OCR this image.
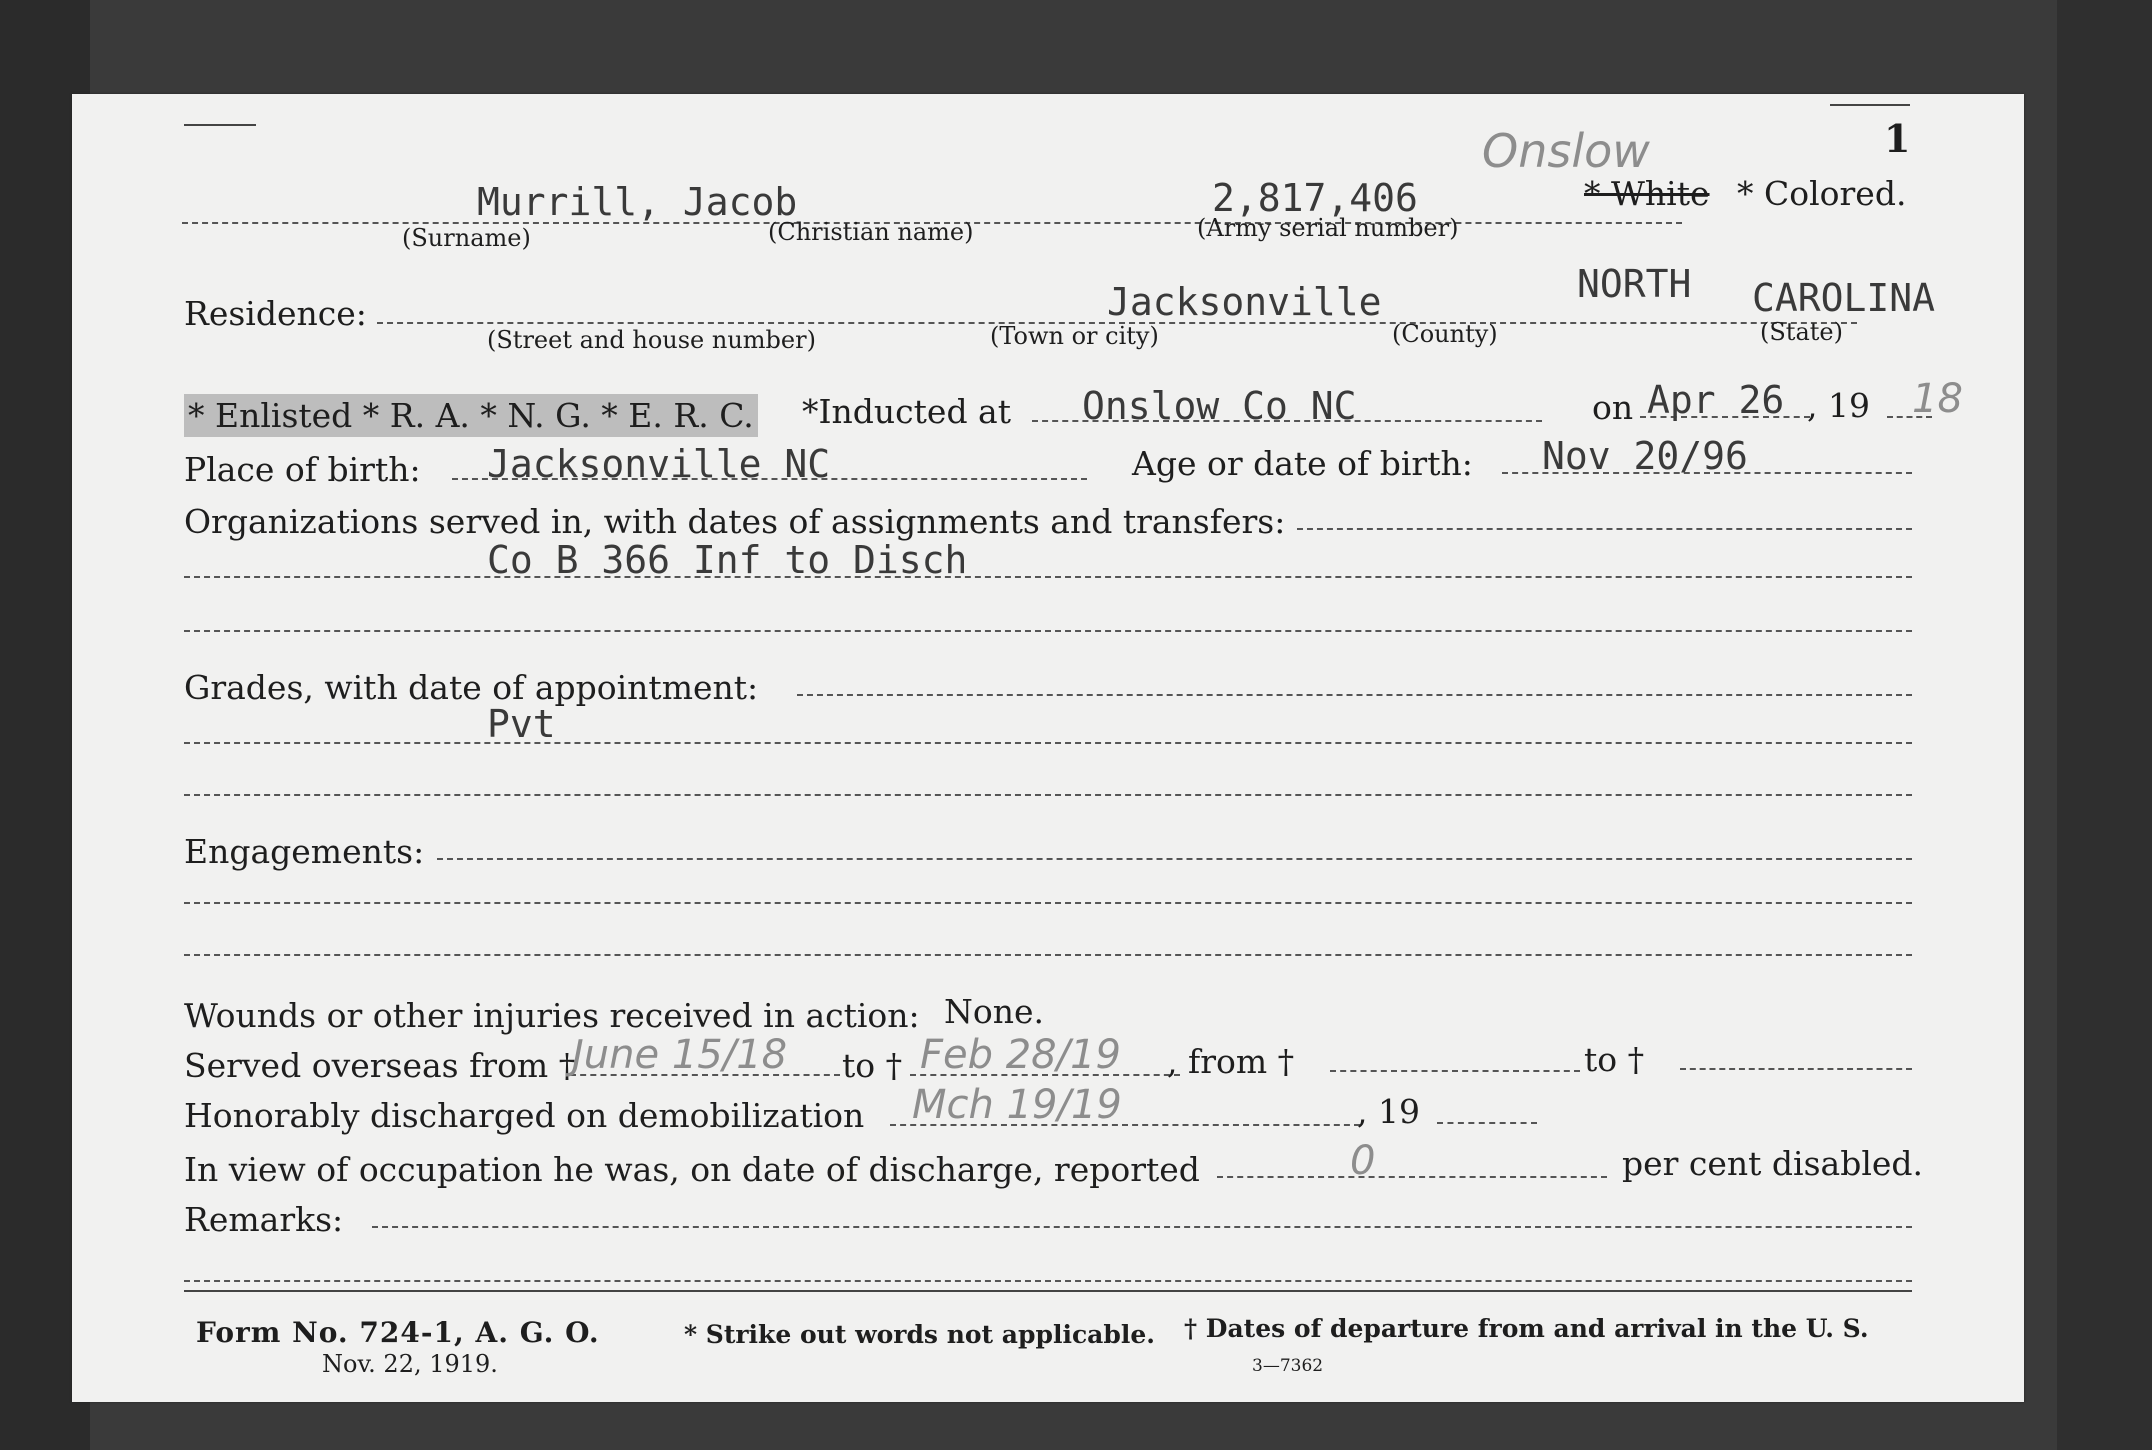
1
Onslow
Murrill, Jacob
(Surname)	(Christian name)
2,817,406
(Army serial number)
* White * Colored.
Residence:
(Street and house number)
Jacksonville
(Town or city)	(County)
NORTH CAROLINA
(State)
* Enlisted * R. A. * N. G. * E. R. C. *Inducted at Onslow Co NC	on Apr 26 , 19 18
Place of birth: Jacksonville NC	Age or date of birth: Nov 20/96
Organizations served in, with dates of assignments and transfers:
Co B 366 Inf to Disch
Grades, with date of appointment:
Pvt
Engagements:
Wounds or other injuries received in action: None.
Served overseas from †
June 15/18 to † Feb 28/19 , from †	to †
Honorably discharged on demobilization Mch 19/19	, 19
In view of occupation he was, on date of discharge, reported	0	per cent disabled.
Remarks:
Form No. 724-1, A. G. O.
Nov. 22, 1919.
* Strike out words not applicable. † Dates of departure from and arrival in the U. S.
3—7362
